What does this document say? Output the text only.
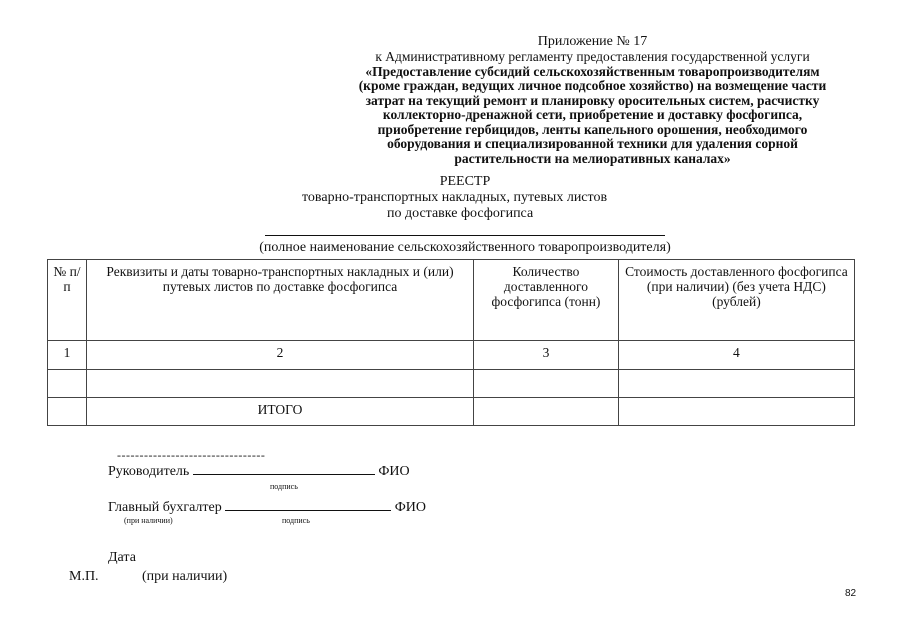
Приложение № 17
к Административному регламенту предоставления государственной услуги
«Предоставление субсидий сельскохозяйственным товаропроизводителям
(кроме граждан, ведущих личное подсобное хозяйство) на возмещение части
затрат на текущий ремонт и планировку оросительных систем, расчистку
коллекторно-дренажной сети, приобретение и доставку фосфогипса,
приобретение гербицидов, ленты капельного орошения, необходимого
оборудования и специализированной техники для удаления сорной
растительности на мелиоративных каналах»
РЕЕСТР
товарно-транспортных накладных, путевых листов
по доставке фосфогипса
(полное наименование сельскохозяйственного товаропроизводителя)
№ п/п	Реквизиты и даты товарно-транспортных накладных и (или) путевых листов по доставке фосфогипса	Количество доставленного фосфогипса (тонн)	Стоимость доставленного фосфогипса (при наличии) (без учета НДС) (рублей)
1	2	3	4

	ИТОГО		
---------------------------------
Руководитель	ФИО
подпись
Главный бухгалтер	ФИО
(при наличии)	подпись
Дата
М.П.	(при наличии)
82
